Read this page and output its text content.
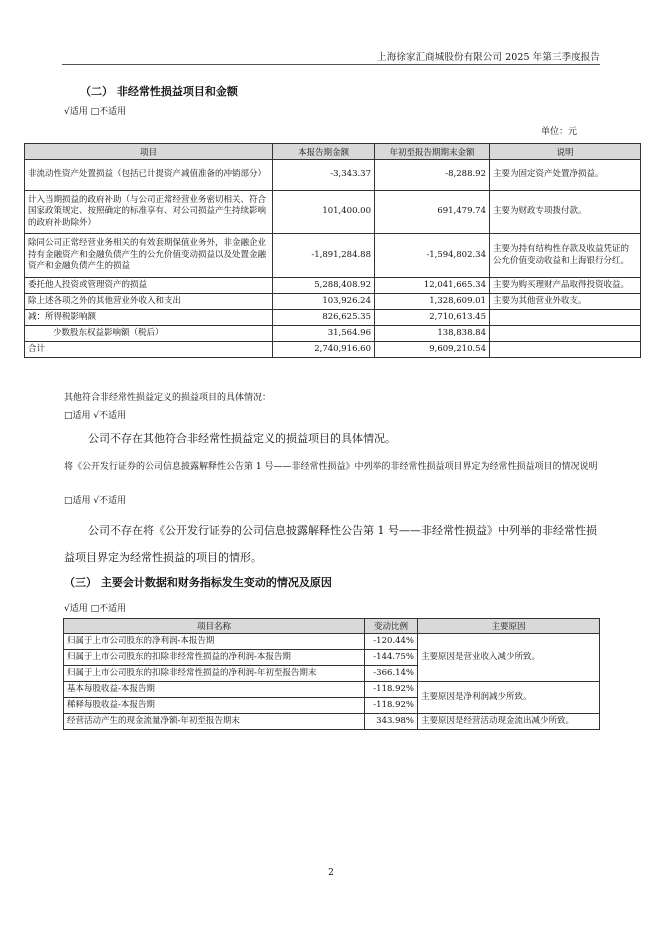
上海徐家汇商城股份有限公司 2025 年第三季度报告
（二） 非经常性损益项目和金额
√适用 □不适用
单位：元
项目	本报告期金额	年初至报告期期末金额	说明
非流动性资产处置损益（包括已计提资产减值准备的冲销部分）	-3,343.37	-8,288.92	主要为固定资产处置净损益。
计入当期损益的政府补助（与公司正常经营业务密切相关、符合国家政策规定、按照确定的标准享有、对公司损益产生持续影响的政府补助除外）	101,400.00	691,479.74	主要为财政专项拨付款。
除同公司正常经营业务相关的有效套期保值业务外，非金融企业持有金融资产和金融负债产生的公允价值变动损益以及处置金融资产和金融负债产生的损益	-1,891,284.88	-1,594,802.34	主要为持有结构性存款及收益凭证的公允价值变动收益和上海银行分红。
委托他人投资或管理资产的损益	5,288,408.92	12,041,665.34	主要为购买理财产品取得投资收益。
除上述各项之外的其他营业外收入和支出	103,926.24	1,328,609.01	主要为其他营业外收支。
减：所得税影响额	826,625.35	2,710,613.45	
少数股东权益影响额（税后）	31,564.96	138,838.84	
合计	2,740,916.60	9,609,210.54	
其他符合非经常性损益定义的损益项目的具体情况：
□适用 √不适用
公司不存在其他符合非经常性损益定义的损益项目的具体情况。
将《公开发行证券的公司信息披露解释性公告第 1 号——非经常性损益》中列举的非经常性损益项目界定为经常性损益项目的情况说明
□适用 √不适用
公司不存在将《公开发行证券的公司信息披露解释性公告第 1 号——非经常性损益》中列举的非经常性损益项目界定为经常性损益的项目的情形。
（三） 主要会计数据和财务指标发生变动的情况及原因
√适用 □不适用
项目名称	变动比例	主要原因
归属于上市公司股东的净利润-本报告期	-120.44%	主要原因是营业收入减少所致。
归属于上市公司股东的扣除非经常性损益的净利润-本报告期	-144.75%	
归属于上市公司股东的扣除非经常性损益的净利润-年初至报告期末	-366.14%	
基本每股收益-本报告期	-118.92%	主要原因是净利润减少所致。
稀释每股收益-本报告期	-118.92%	
经营活动产生的现金流量净额-年初至报告期末	343.98%	主要原因是经营活动现金流出减少所致。
2
